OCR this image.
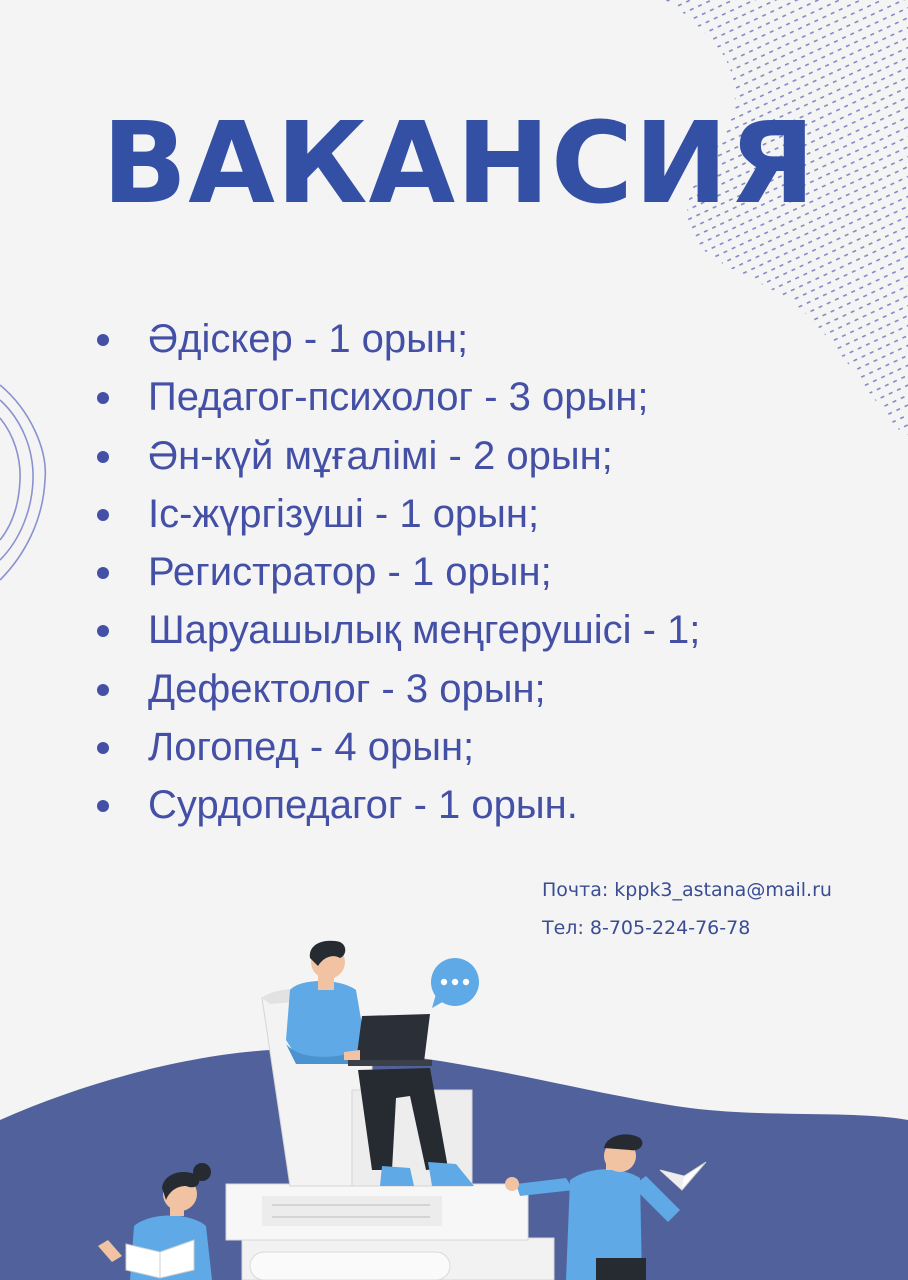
ВАКАНСИЯ
Әдіскер - 1 орын;
Педагог-психолог - 3 орын;
Ән-күй мұғалімі - 2 орын;
Іс-жүргізуші - 1 орын;
Регистратор - 1 орын;
Шаруашылық меңгерушісі - 1;
Дефектолог - 3 орын;
Логопед - 4 орын;
Сурдопедагог - 1 орын.
Почта: kppk3_astana@mail.ru
Тел: 8-705-224-76-78
